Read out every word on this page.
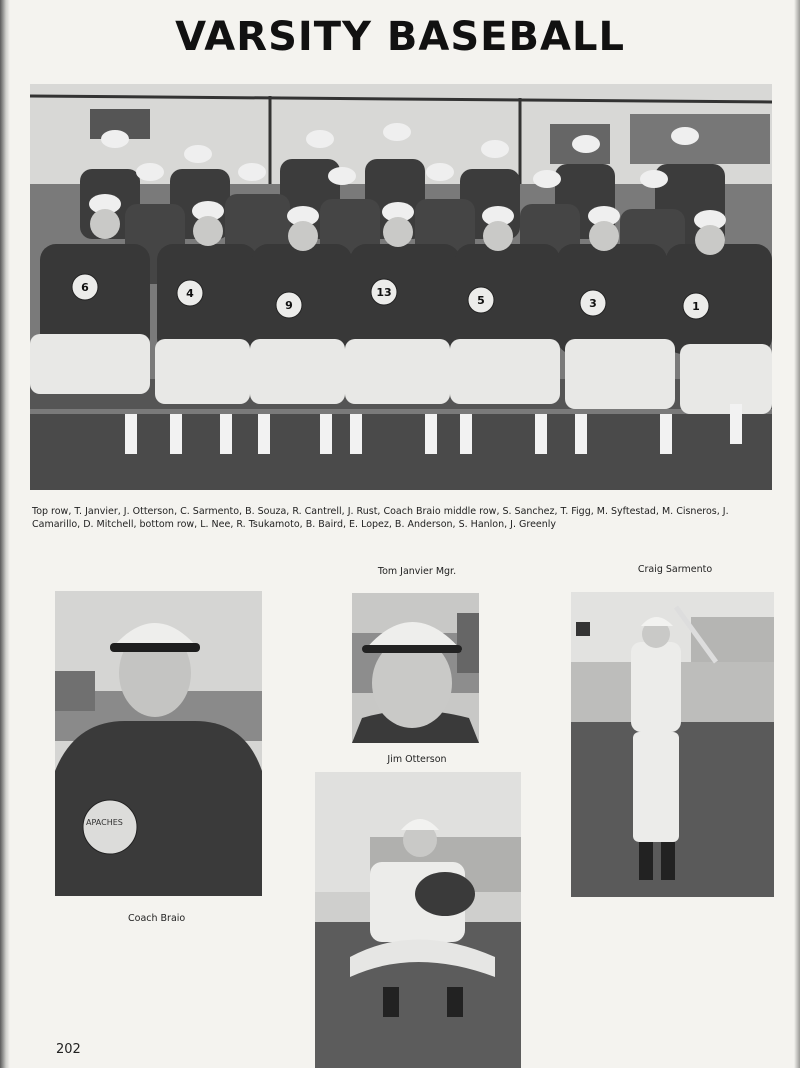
VARSITY BASEBALL
6	4
9
13
5	3	1
Top row, T. Janvier, J. Otterson, C. Sarmento, B. Souza, R. Cantrell, J. Rust, Coach Braio middle row, S. Sanchez, T. Figg, M. Syftestad, M. Cisneros, J. Camarillo, D. Mitchell, bottom row, L. Nee, R. Tsukamoto, B. Baird, E. Lopez, B. Anderson, S. Hanlon, J. Greenly
APACHES
Coach Braio
Tom Janvier Mgr.	Craig Sarmento
Jim Otterson
202
